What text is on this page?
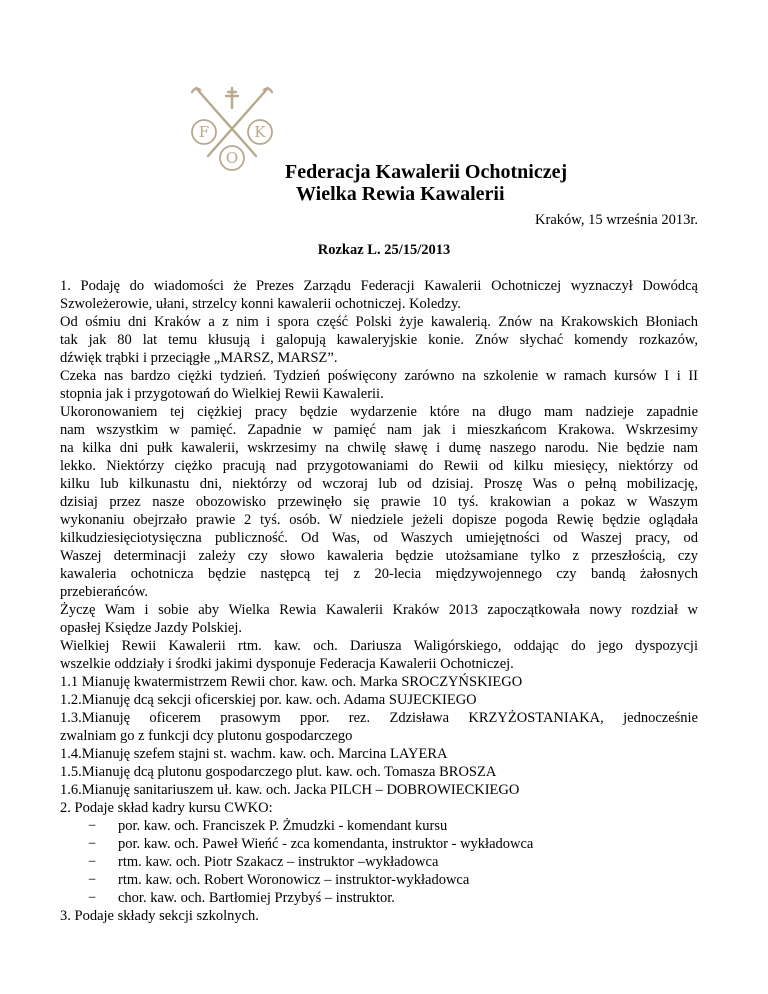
F	K
O
Federacja Kawalerii Ochotniczej
Wielka Rewia Kawalerii
Kraków, 15 września 2013r.
Rozkaz L. 25/15/2013
1. Podaję do wiadomości że Prezes Zarządu Federacji Kawalerii Ochotniczej wyznaczył Dowódcą
Szwoleżerowie, ułani, strzelcy konni kawalerii ochotniczej. Koledzy.
Od ośmiu dni Kraków a z nim i spora część Polski żyje kawalerią. Znów na Krakowskich Błoniach
tak jak 80 lat temu kłusują i galopują kawaleryjskie konie. Znów słychać komendy rozkazów,
dźwięk trąbki i przeciągłe „MARSZ, MARSZ”.
Czeka nas bardzo ciężki tydzień. Tydzień poświęcony zarówno na szkolenie w ramach kursów I i II
stopnia jak i przygotowań do Wielkiej Rewii Kawalerii.
Ukoronowaniem tej ciężkiej pracy będzie wydarzenie które na długo mam nadzieje zapadnie
nam wszystkim w pamięć. Zapadnie w pamięć nam jak i mieszkańcom Krakowa. Wskrzesimy
na kilka dni pułk kawalerii, wskrzesimy na chwilę sławę i dumę naszego narodu. Nie będzie nam
lekko. Niektórzy ciężko pracują nad przygotowaniami do Rewii od kilku miesięcy, niektórzy od
kilku lub kilkunastu dni, niektórzy od wczoraj lub od dzisiaj. Proszę Was o pełną mobilizację,
dzisiaj przez nasze obozowisko przewinęło się prawie 10 tyś. krakowian a pokaz w Waszym
wykonaniu obejrzało prawie 2 tyś. osób. W niedziele jeżeli dopisze pogoda Rewię będzie oglądała
kilkudziesięciotysięczna publiczność. Od Was, od Waszych umiejętności od Waszej pracy, od
Waszej determinacji zależy czy słowo kawaleria będzie utożsamiane tylko z przeszłością, czy
kawaleria ochotnicza będzie następcą tej z 20-lecia międzywojennego czy bandą żałosnych
przebierańców.
Życzę Wam i sobie aby Wielka Rewia Kawalerii Kraków 2013 zapoczątkowała nowy rozdział w
opasłej Księdze Jazdy Polskiej.
Wielkiej Rewii Kawalerii rtm. kaw. och. Dariusza Waligórskiego, oddając do jego dyspozycji
wszelkie oddziały i środki jakimi dysponuje Federacja Kawalerii Ochotniczej.
1.1 Mianuję kwatermistrzem Rewii chor. kaw. och. Marka SROCZYŃSKIEGO
1.2.Mianuję dcą sekcji oficerskiej por. kaw. och. Adama SUJECKIEGO
1.3.Mianuję oficerem prasowym ppor. rez. Zdzisława KRZYŻOSTANIAKA, jednocześnie
zwalniam go z funkcji dcy plutonu gospodarczego
1.4.Mianuję szefem stajni st. wachm. kaw. och. Marcina LAYERA
1.5.Mianuję dcą plutonu gospodarczego plut. kaw. och. Tomasza BROSZA
1.6.Mianuję sanitariuszem uł. kaw. och. Jacka PILCH – DOBROWIECKIEGO
2. Podaje skład kadry kursu CWKO:
− por. kaw. och. Franciszek P. Żmudzki - komendant kursu
− por. kaw. och. Paweł Wieńć - zca komendanta, instruktor - wykładowca
− rtm. kaw. och. Piotr Szakacz – instruktor –wykładowca
− rtm. kaw. och. Robert Woronowicz – instruktor-wykładowca
− chor. kaw. och. Bartłomiej Przybyś – instruktor.
3. Podaje składy sekcji szkolnych.
